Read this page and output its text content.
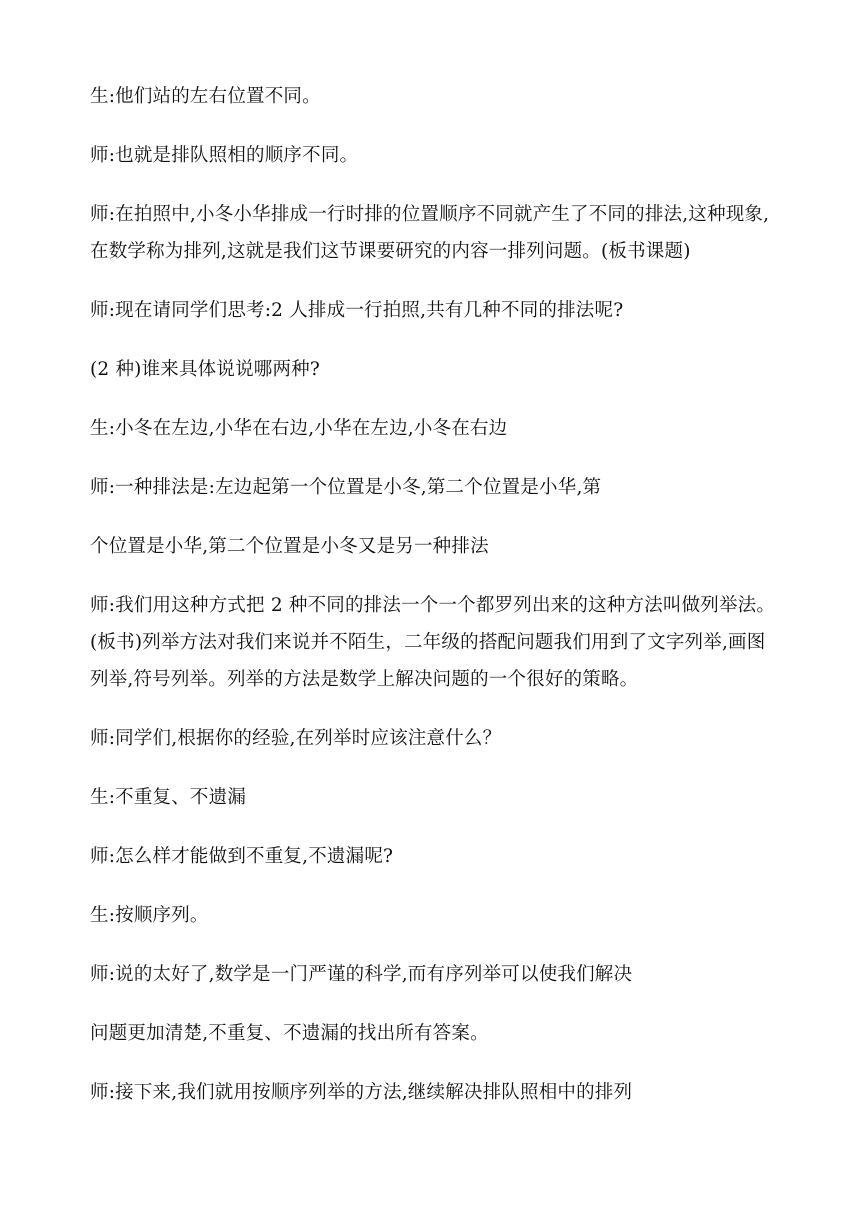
生:他们站的左右位置不同。

师:也就是排队照相的顺序不同。

师:在拍照中,小冬小华排成一行时排的位置顺序不同就产生了不同的排法,这种现象,在数学称为排列,这就是我们这节课要研究的内容一排列问题。(板书课题)

师:现在请同学们思考:2 人排成一行拍照,共有几种不同的排法呢?

(2 种)谁来具体说说哪两种?

生:小冬在左边,小华在右边,小华在左边,小冬在右边

师:一种排法是:左边起第一个位置是小冬,第二个位置是小华,第

个位置是小华,第二个位置是小冬又是另一种排法

师:我们用这种方式把 2 种不同的排法一个一个都罗列出来的这种方法叫做列举法。(板书)列举方法对我们来说并不陌生，二年级的搭配问题我们用到了文字列举,画图列举,符号列举。列举的方法是数学上解决问题的一个很好的策略。

师:同学们,根据你的经验,在列举时应该注意什么？

生:不重复、不遗漏

师:怎么样才能做到不重复,不遗漏呢?

生:按顺序列。

师:说的太好了,数学是一门严谨的科学,而有序列举可以使我们解决

问题更加清楚,不重复、不遗漏的找出所有答案。

师:接下来,我们就用按顺序列举的方法,继续解决排队照相中的排列
